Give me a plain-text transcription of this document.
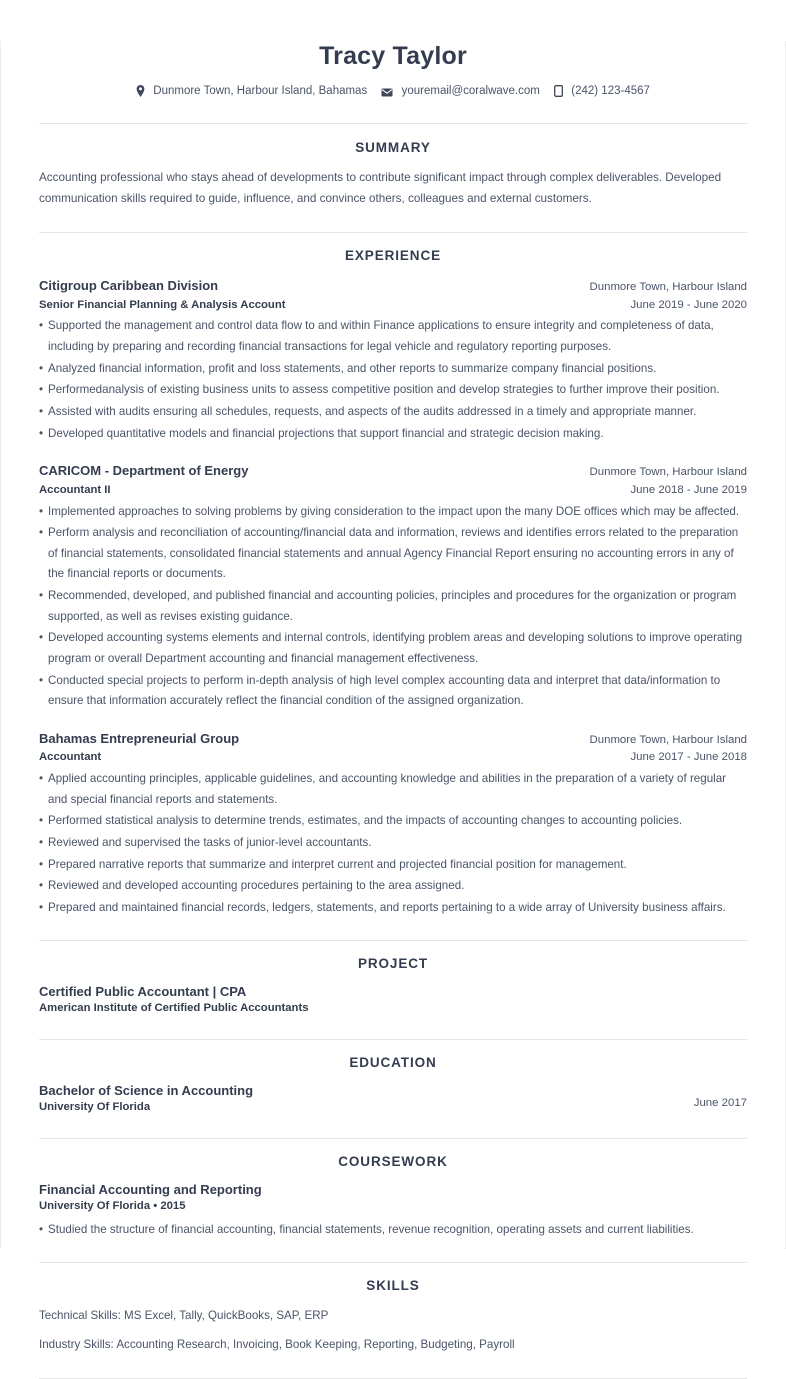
Tracy Taylor
Dunmore Town, Harbour Island, Bahamas	youremail@coralwave.com	(242) 123-4567
SUMMARY
Accounting professional who stays ahead of developments to contribute significant impact through complex deliverables. Developed communication skills required to guide, influence, and convince others, colleagues and external customers.
EXPERIENCE
Citigroup Caribbean Division	Dunmore Town, Harbour Island
Senior Financial Planning & Analysis Account	June 2019 - June 2020
• Supported the management and control data flow to and within Finance applications to ensure integrity and completeness of data, including by preparing and recording financial transactions for legal vehicle and regulatory reporting purposes.
• Analyzed financial information, profit and loss statements, and other reports to summarize company financial positions.
• Performedanalysis of existing business units to assess competitive position and develop strategies to further improve their position.
• Assisted with audits ensuring all schedules, requests, and aspects of the audits addressed in a timely and appropriate manner.
• Developed quantitative models and financial projections that support financial and strategic decision making.
CARICOM - Department of Energy	Dunmore Town, Harbour Island
Accountant II	June 2018 - June 2019
• Implemented approaches to solving problems by giving consideration to the impact upon the many DOE offices which may be affected.
• Perform analysis and reconciliation of accounting/financial data and information, reviews and identifies errors related to the preparation of financial statements, consolidated financial statements and annual Agency Financial Report ensuring no accounting errors in any of the financial reports or documents.
• Recommended, developed, and published financial and accounting policies, principles and procedures for the organization or program supported, as well as revises existing guidance.
• Developed accounting systems elements and internal controls, identifying problem areas and developing solutions to improve operating program or overall Department accounting and financial management effectiveness.
• Conducted special projects to perform in-depth analysis of high level complex accounting data and interpret that data/information to ensure that information accurately reflect the financial condition of the assigned organization.
Bahamas Entrepreneurial Group	Dunmore Town, Harbour Island
Accountant	June 2017 - June 2018
• Applied accounting principles, applicable guidelines, and accounting knowledge and abilities in the preparation of a variety of regular and special financial reports and statements.
• Performed statistical analysis to determine trends, estimates, and the impacts of accounting changes to accounting policies.
• Reviewed and supervised the tasks of junior-level accountants.
• Prepared narrative reports that summarize and interpret current and projected financial position for management.
• Reviewed and developed accounting procedures pertaining to the area assigned.
• Prepared and maintained financial records, ledgers, statements, and reports pertaining to a wide array of University business affairs.
PROJECT
Certified Public Accountant | CPA
American Institute of Certified Public Accountants
EDUCATION
Bachelor of Science in Accounting
University Of Florida	June 2017
COURSEWORK
Financial Accounting and Reporting
University Of Florida • 2015
• Studied the structure of financial accounting, financial statements, revenue recognition, operating assets and current liabilities.
SKILLS
Technical Skills: MS Excel, Tally, QuickBooks, SAP, ERP
Industry Skills: Accounting Research, Invoicing, Book Keeping, Reporting, Budgeting, Payroll
